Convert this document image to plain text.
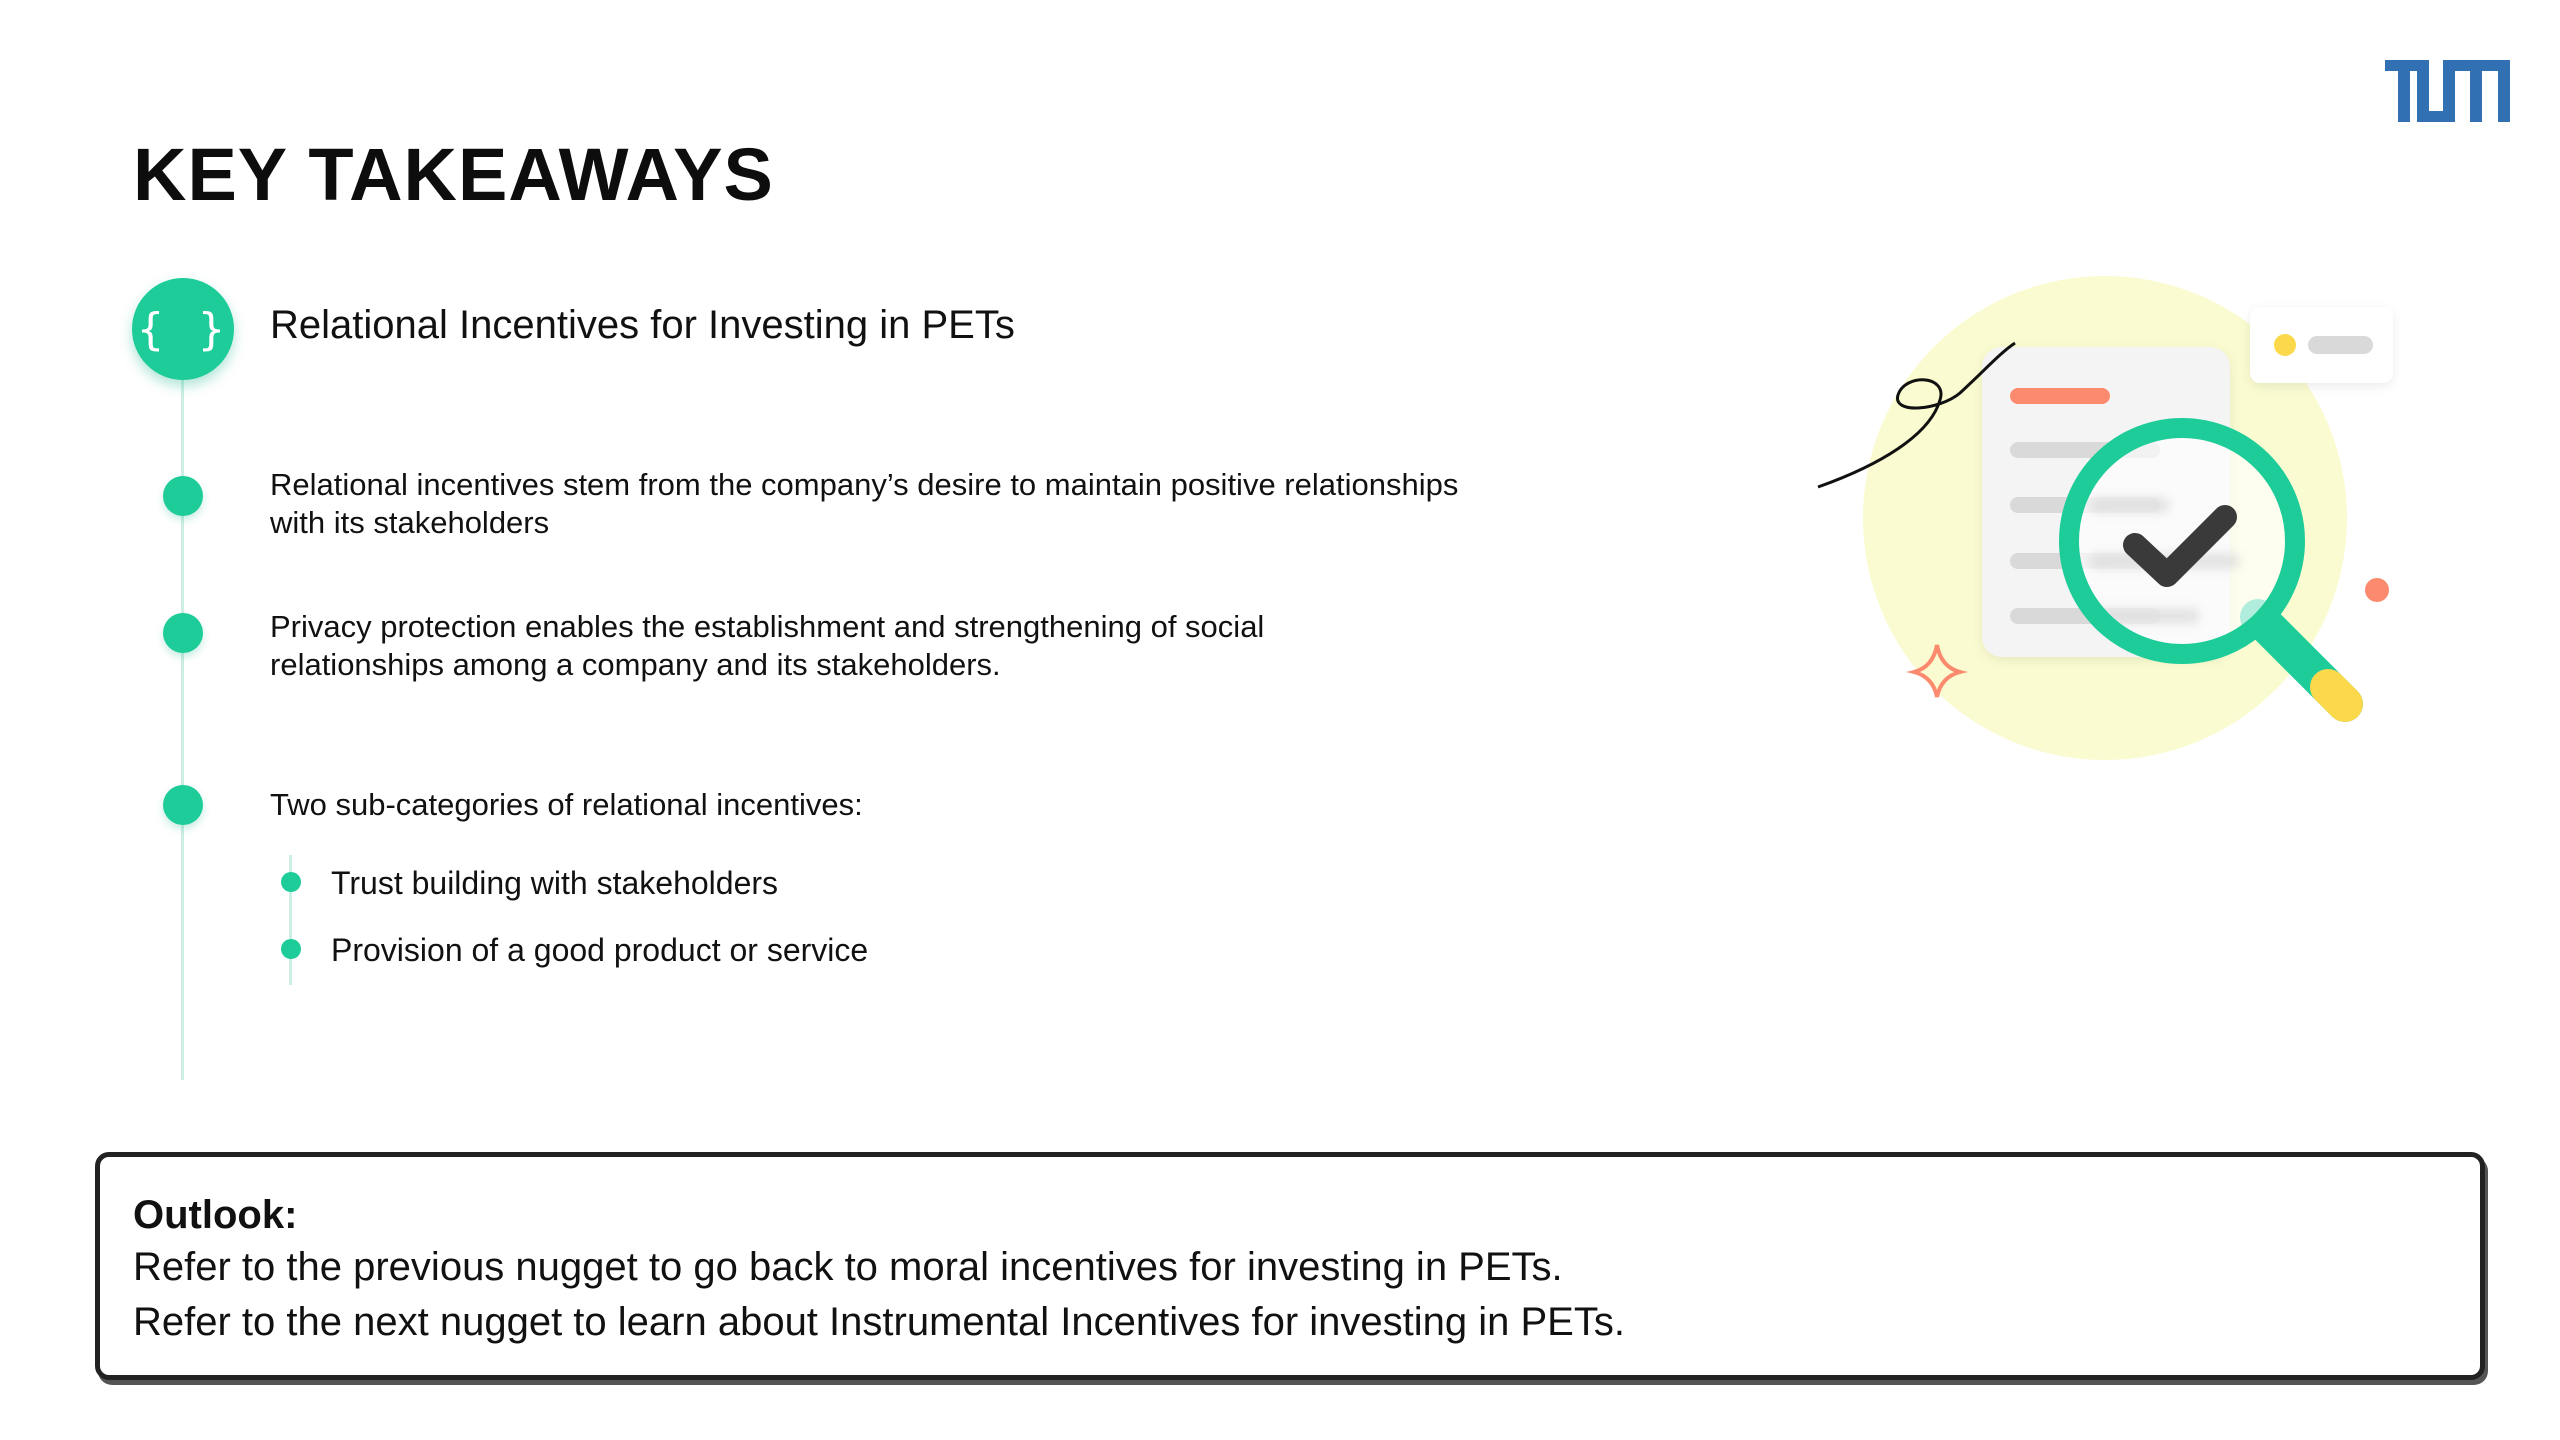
KEY TAKEAWAYS
{ } Relational Incentives for Investing in PETs

Relational incentives stem from the company’s desire to maintain positive relationships
with its stakeholders

Privacy protection enables the establishment and strengthening of social
relationships among a company and its stakeholders.

Two sub-categories of relational incentives:

Trust building with stakeholders

Provision of a good product or service

Outlook:

Refer to the previous nugget to go back to moral incentives for investing in PETs.

Refer to the next nugget to learn about Instrumental Incentives for investing in PETs.
